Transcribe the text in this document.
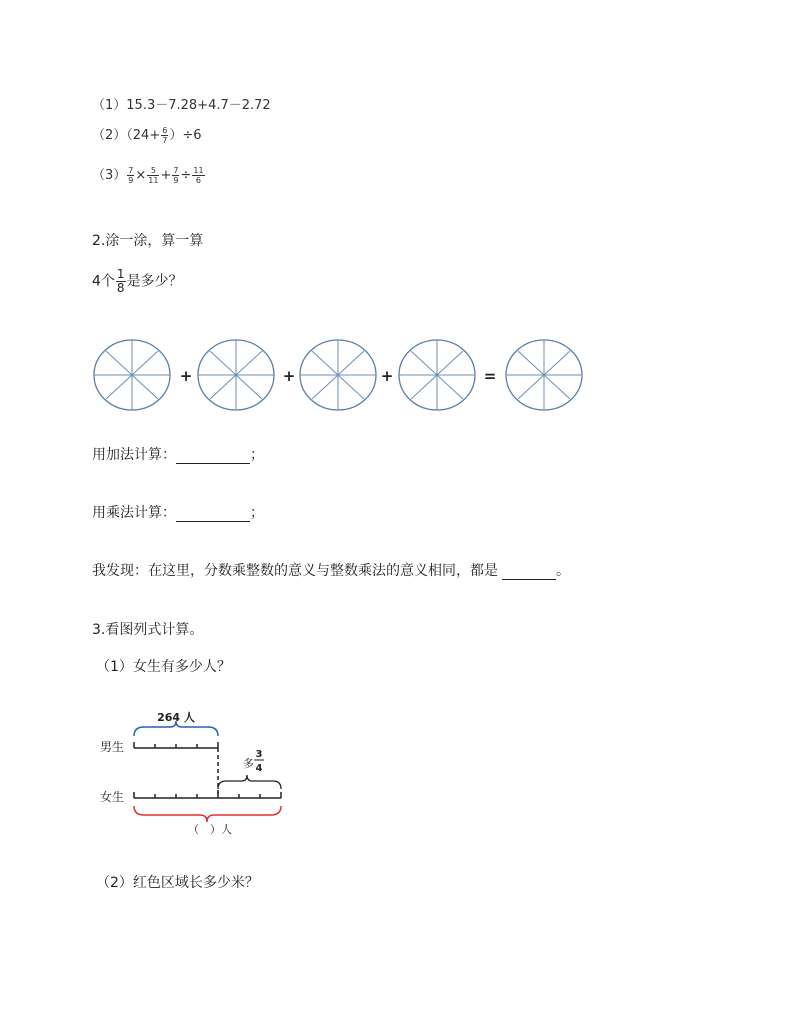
（1）15.3－7.28+4.7－2.72
$(2)(24+ \frac{6}{7} )\div 6$
$(3) \frac{7}{9} \times \frac{5}{11} + \frac{7}{9} \div \frac{11}{6}$
2.涂一涂，算一算
4个 $\frac{1}{8}$ 是多少？
+	+	+	=
用加法计算：	；
用乘法计算：	；
我发现：在这里，分数乘整数的意义与整数乘法的意义相同，都是	。
3.看图列式计算。
（1）女生有多少人？
264 人
男生
多
3
4
女生
（　）人
（2）红色区域长多少米？
